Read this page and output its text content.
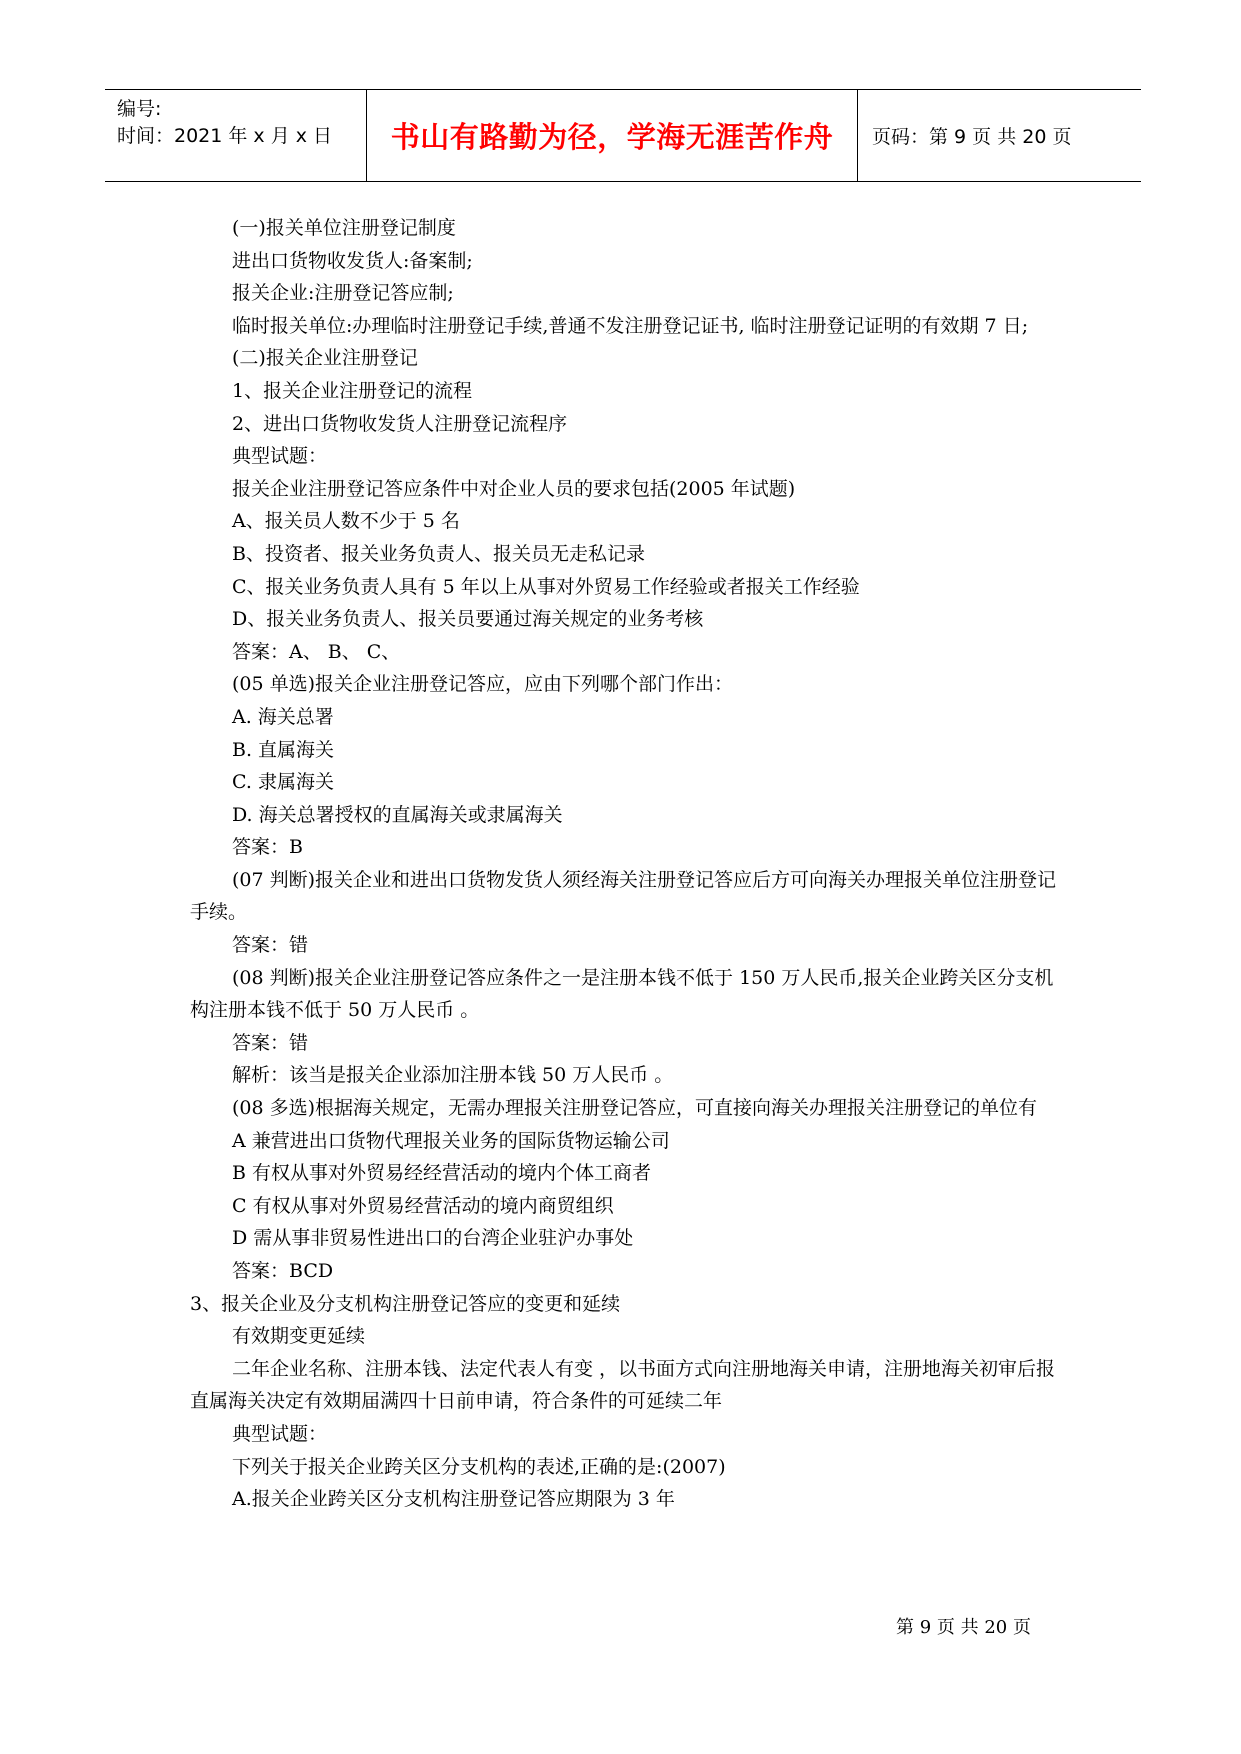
编号:
时间：2021 年 x 月 x 日 书山有路勤为径，学海无涯苦作舟 页码：第 9 页 共 20 页
(一)报关单位注册登记制度
进出口货物收发货人:备案制;
报关企业:注册登记答应制;
临时报关单位:办理临时注册登记手续,普通不发注册登记证书, 临时注册登记证明的有效期 7 日;
(二)报关企业注册登记
1、报关企业注册登记的流程
2、进出口货物收发货人注册登记流程序
典型试题：
报关企业注册登记答应条件中对企业人员的要求包括(2005 年试题)
A、报关员人数不少于 5 名
B、投资者、报关业务负责人、报关员无走私记录
C、报关业务负责人具有 5 年以上从事对外贸易工作经验或者报关工作经验
D、报关业务负责人、报关员要通过海关规定的业务考核
答案：A、 B、 C、
(05 单选)报关企业注册登记答应，应由下列哪个部门作出：
A. 海关总署
B. 直属海关
C. 隶属海关
D. 海关总署授权的直属海关或隶属海关
答案：B
(07 判断)报关企业和进出口货物发货人须经海关注册登记答应后方可向海关办理报关单位注册登记手续。
答案：错
(08 判断)报关企业注册登记答应条件之一是注册本钱不低于 150 万人民币,报关企业跨关区分支机构注册本钱不低于 50 万人民币 。
答案：错
解析：该当是报关企业添加注册本钱 50 万人民币 。
(08 多选)根据海关规定，无需办理报关注册登记答应，可直接向海关办理报关注册登记的单位有
A 兼营进出口货物代理报关业务的国际货物运输公司
B 有权从事对外贸易经经营活动的境内个体工商者
C 有权从事对外贸易经营活动的境内商贸组织
D 需从事非贸易性进出口的台湾企业驻沪办事处
答案：BCD
3、报关企业及分支机构注册登记答应的变更和延续
有效期变更延续
二年企业名称、注册本钱、法定代表人有变 ，以书面方式向注册地海关申请，注册地海关初审后报直属海关决定有效期届满四十日前申请，符合条件的可延续二年
典型试题：
下列关于报关企业跨关区分支机构的表述,正确的是:(2007)
A.报关企业跨关区分支机构注册登记答应期限为 3 年
第 9 页 共 20 页
